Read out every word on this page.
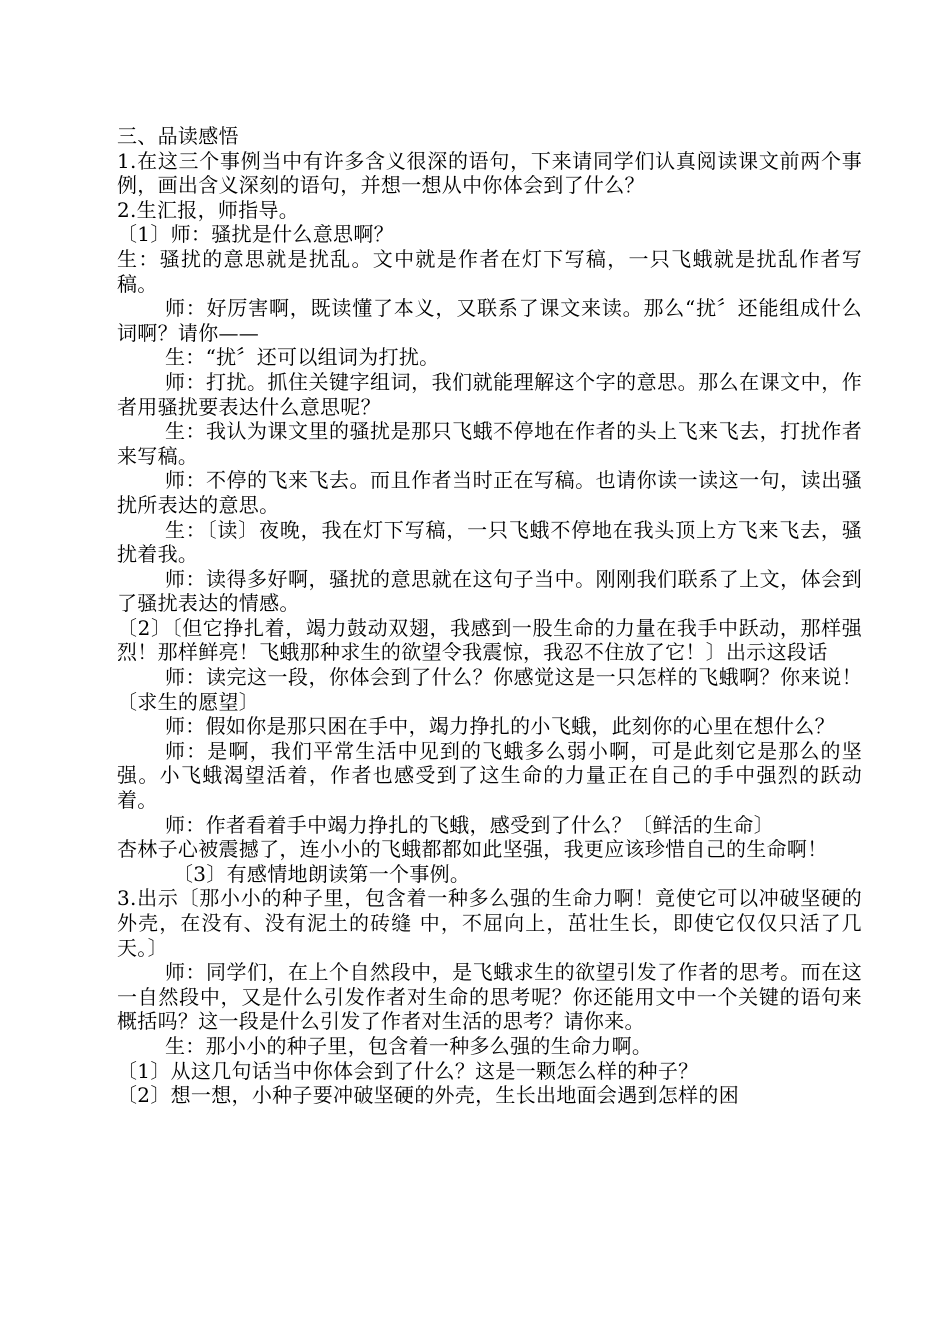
三、品读感悟

1.在这三个事例当中有许多含义很深的语句，下来请同学们认真阅读课文前两个事例，画出含义深刻的语句，并想一想从中你体会到了什么？

2.生汇报，师指导。

〔1〕师：骚扰是什么意思啊？

生：骚扰的意思就是扰乱。文中就是作者在灯下写稿，一只飞蛾就是扰乱作者写稿。

师：好厉害啊，既读懂了本义，又联系了课文来读。那么“扰〞还能组成什么词啊？请你——

生：“扰〞还可以组词为打扰。

师：打扰。抓住关键字组词，我们就能理解这个字的意思。那么在课文中，作者用骚扰要表达什么意思呢？

生：我认为课文里的骚扰是那只飞蛾不停地在作者的头上飞来飞去，打扰作者来写稿。

师：不停的飞来飞去。而且作者当时正在写稿。也请你读一读这一句，读出骚扰所表达的意思。

生：〔读〕夜晚，我在灯下写稿，一只飞蛾不停地在我头顶上方飞来飞去，骚扰着我。

师：读得多好啊，骚扰的意思就在这句子当中。刚刚我们联系了上文，体会到了骚扰表达的情感。

〔2〕〔但它挣扎着，竭力鼓动双翅，我感到一股生命的力量在我手中跃动，那样强烈！那样鲜亮！飞蛾那种求生的欲望令我震惊，我忍不住放了它！〕出示这段话

师：读完这一段，你体会到了什么？你感觉这是一只怎样的飞蛾啊？你来说！〔求生的愿望〕

师：假如你是那只困在手中，竭力挣扎的小飞蛾，此刻你的心里在想什么？

师：是啊，我们平常生活中见到的飞蛾多么弱小啊，可是此刻它是那么的坚强。小飞蛾渴望活着，作者也感受到了这生命的力量正在自己的手中强烈的跃动着。

师：作者看着手中竭力挣扎的飞蛾，感受到了什么？〔鲜活的生命〕

杏林子心被震撼了，连小小的飞蛾都都如此坚强，我更应该珍惜自己的生命啊！

〔3〕有感情地朗读第一个事例。

3.出示〔那小小的种子里，包含着一种多么强的生命力啊！竟使它可以冲破坚硬的外壳，在没有、没有泥土的砖缝 中，不屈向上，茁壮生长，即使它仅仅只活了几天。〕

师：同学们，在上个自然段中，是飞蛾求生的欲望引发了作者的思考。而在这一自然段中，又是什么引发作者对生命的思考呢？你还能用文中一个关键的语句来概括吗？这一段是什么引发了作者对生活的思考？请你来。

生：那小小的种子里，包含着一种多么强的生命力啊。

〔1〕从这几句话当中你体会到了什么？这是一颗怎么样的种子？

〔2〕想一想，小种子要冲破坚硬的外壳，生长出地面会遇到怎样的困
